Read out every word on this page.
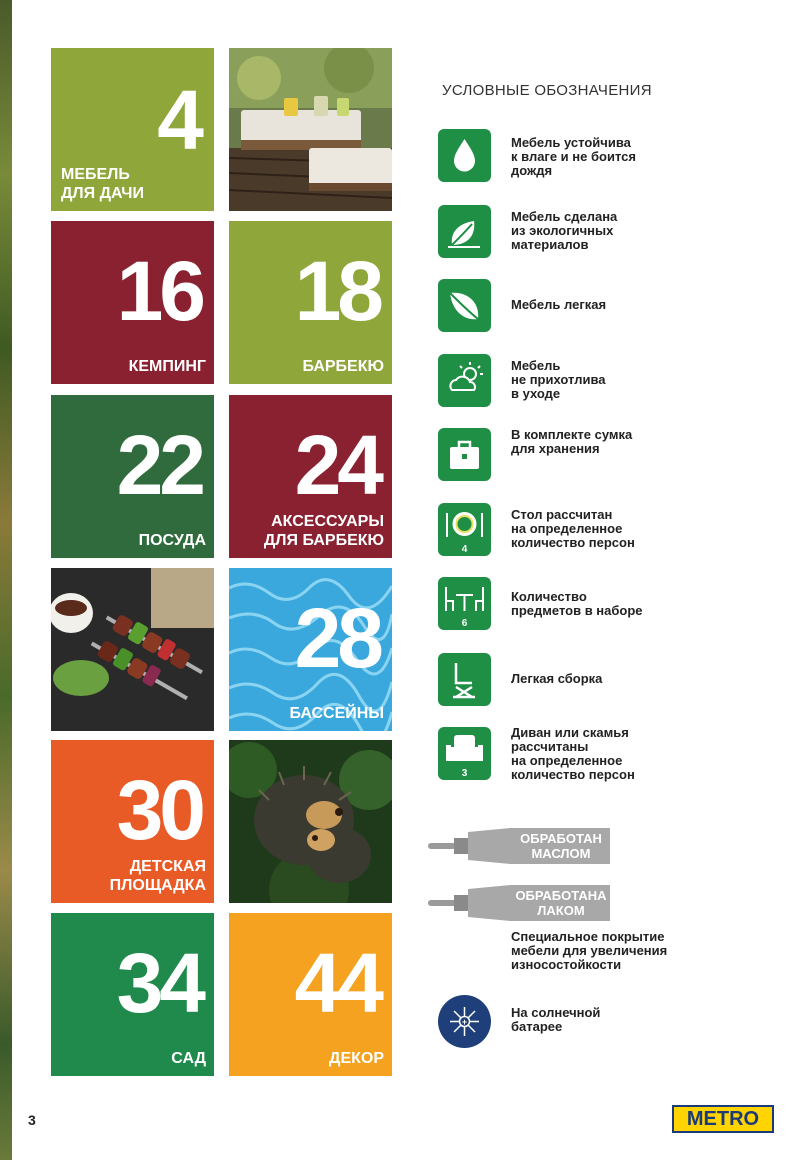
4
МЕБЕЛЬ
ДЛЯ ДАЧИ
16
КЕМПИНГ
18
БАРБЕКЮ
22
ПОСУДА
24
АКСЕССУАРЫ
ДЛЯ БАРБЕКЮ
28
БАССЕЙНЫ
30
ДЕТСКАЯ
ПЛОЩАДКА
34
САД
44
ДЕКОР
УСЛОВНЫЕ ОБОЗНАЧЕНИЯ
Мебель устойчива
к влаге и не боится
дождя
Мебель сделана
из экологичных
материалов
Мебель легкая
Мебель
не прихотлива
в уходе
В комплекте сумка
для хранения
4
Стол рассчитан
на определенное
количество персон
6
Количество
предметов в наборе
Легкая сборка
3
Диван или скамья
рассчитаны
на определенное
количество персон
ОБРАБОТАН
МАСЛОМ
ОБРАБОТАНА
ЛАКОМ
Специальное покрытие
мебели для увеличения
износостойкости
+
На солнечной
батарее
3	METRO
